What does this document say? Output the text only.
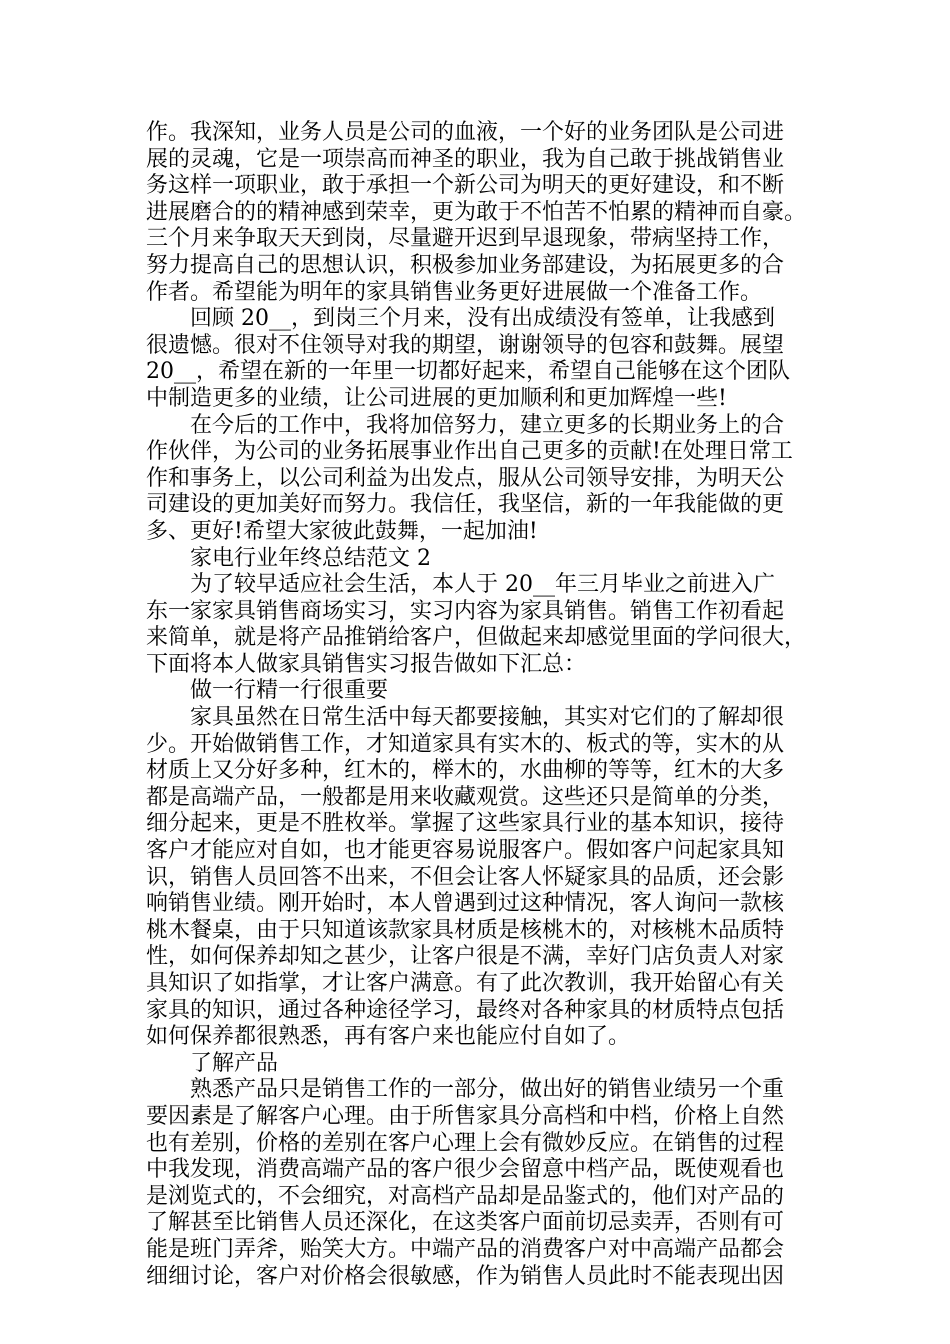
作。我深知，业务人员是公司的血液，一个好的业务团队是公司进
展的灵魂，它是一项崇高而神圣的职业，我为自己敢于挑战销售业
务这样一项职业，敢于承担一个新公司为明天的更好建设，和不断
进展磨合的的精神感到荣幸，更为敢于不怕苦不怕累的精神而自豪。
三个月来争取天天到岗，尽量避开迟到早退现象，带病坚持工作，
努力提高自己的思想认识，积极参加业务部建设，为拓展更多的合
作者。希望能为明年的家具销售业务更好进展做一个准备工作。
回顾 20__，到岗三个月来，没有出成绩没有签单，让我感到
很遗憾。很对不住领导对我的期望，谢谢领导的包容和鼓舞。展望
20__，希望在新的一年里一切都好起来，希望自己能够在这个团队
中制造更多的业绩，让公司进展的更加顺利和更加辉煌一些!
在今后的工作中，我将加倍努力，建立更多的长期业务上的合
作伙伴，为公司的业务拓展事业作出自己更多的贡献!在处理日常工
作和事务上，以公司利益为出发点，服从公司领导安排，为明天公
司建设的更加美好而努力。我信任，我坚信，新的一年我能做的更
多、更好!希望大家彼此鼓舞，一起加油!
家电行业年终总结范文 2
为了较早适应社会生活，本人于 20__年三月毕业之前进入广
东一家家具销售商场实习，实习内容为家具销售。销售工作初看起
来简单，就是将产品推销给客户，但做起来却感觉里面的学问很大，
下面将本人做家具销售实习报告做如下汇总：
做一行精一行很重要
家具虽然在日常生活中每天都要接触，其实对它们的了解却很
少。开始做销售工作，才知道家具有实木的、板式的等，实木的从
材质上又分好多种，红木的，榉木的，水曲柳的等等，红木的大多
都是高端产品，一般都是用来收藏观赏。这些还只是简单的分类，
细分起来，更是不胜枚举。掌握了这些家具行业的基本知识，接待
客户才能应对自如，也才能更容易说服客户。假如客户问起家具知
识，销售人员回答不出来，不但会让客人怀疑家具的品质，还会影
响销售业绩。刚开始时，本人曾遇到过这种情况，客人询问一款核
桃木餐桌，由于只知道该款家具材质是核桃木的，对核桃木品质特
性，如何保养却知之甚少，让客户很是不满，幸好门店负责人对家
具知识了如指掌，才让客户满意。有了此次教训，我开始留心有关
家具的知识，通过各种途径学习，最终对各种家具的材质特点包括
如何保养都很熟悉，再有客户来也能应付自如了。
了解产品
熟悉产品只是销售工作的一部分，做出好的销售业绩另一个重
要因素是了解客户心理。由于所售家具分高档和中档，价格上自然
也有差别，价格的差别在客户心理上会有微妙反应。在销售的过程
中我发现，消费高端产品的客户很少会留意中档产品，既使观看也
是浏览式的，不会细究，对高档产品却是品鉴式的，他们对产品的
了解甚至比销售人员还深化，在这类客户面前切忌卖弄，否则有可
能是班门弄斧，贻笑大方。中端产品的消费客户对中高端产品都会
细细讨论，客户对价格会很敏感，作为销售人员此时不能表现出因
